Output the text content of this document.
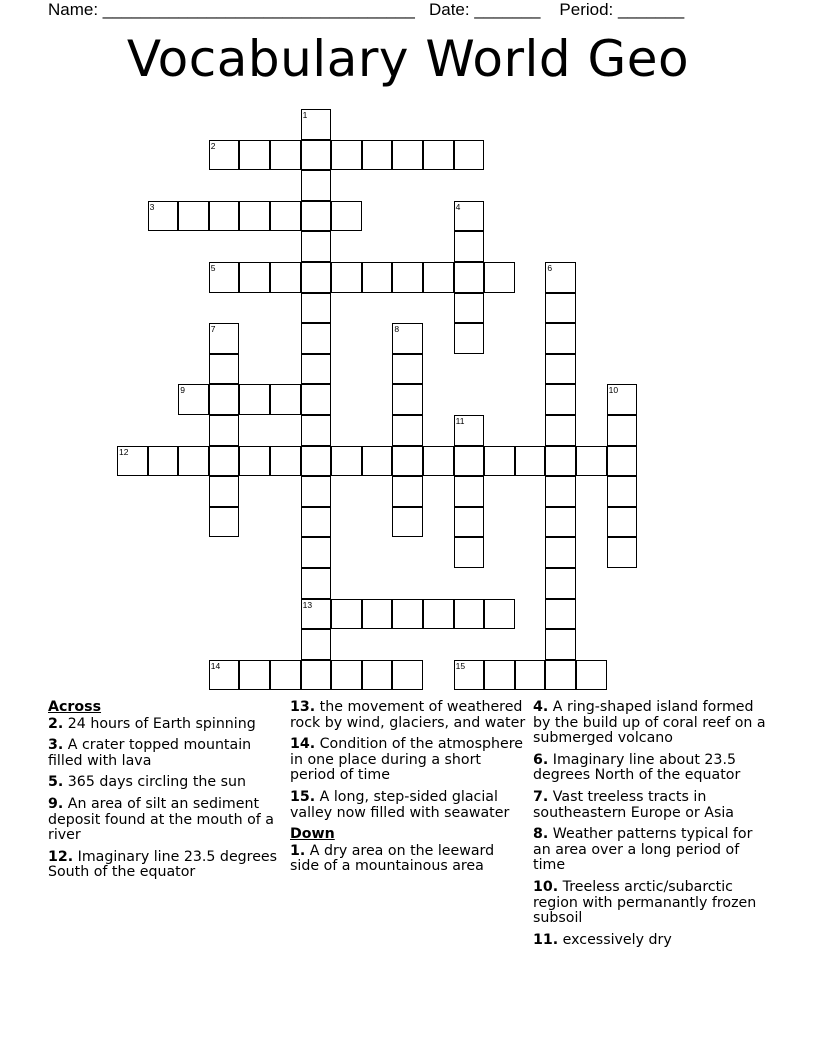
Name: _________________________________   Date: _______    Period: _______
Vocabulary World Geo
1
2
3	4
5	6
7	8
9	10
11
12
13
14	15
Across
2. 24 hours of Earth spinning
3. A crater topped mountain filled with lava
5. 365 days circling the sun
9. An area of silt an sediment deposit found at the mouth of a river
12. Imaginary line 23.5 degrees South of the equator
13. the movement of weathered rock by wind, glaciers, and water
14. Condition of the atmosphere in one place during a short period of time
15. A long, step-sided glacial valley now filled with seawater
Down
1. A dry area on the leeward side of a mountainous area
4. A ring-shaped island formed by the build up of coral reef on a submerged volcano
6. Imaginary line about 23.5 degrees North of the equator
7. Vast treeless tracts in southeastern Europe or Asia
8. Weather patterns typical for an area over a long period of time
10. Treeless arctic/subarctic region with permanantly frozen subsoil
11. excessively dry
